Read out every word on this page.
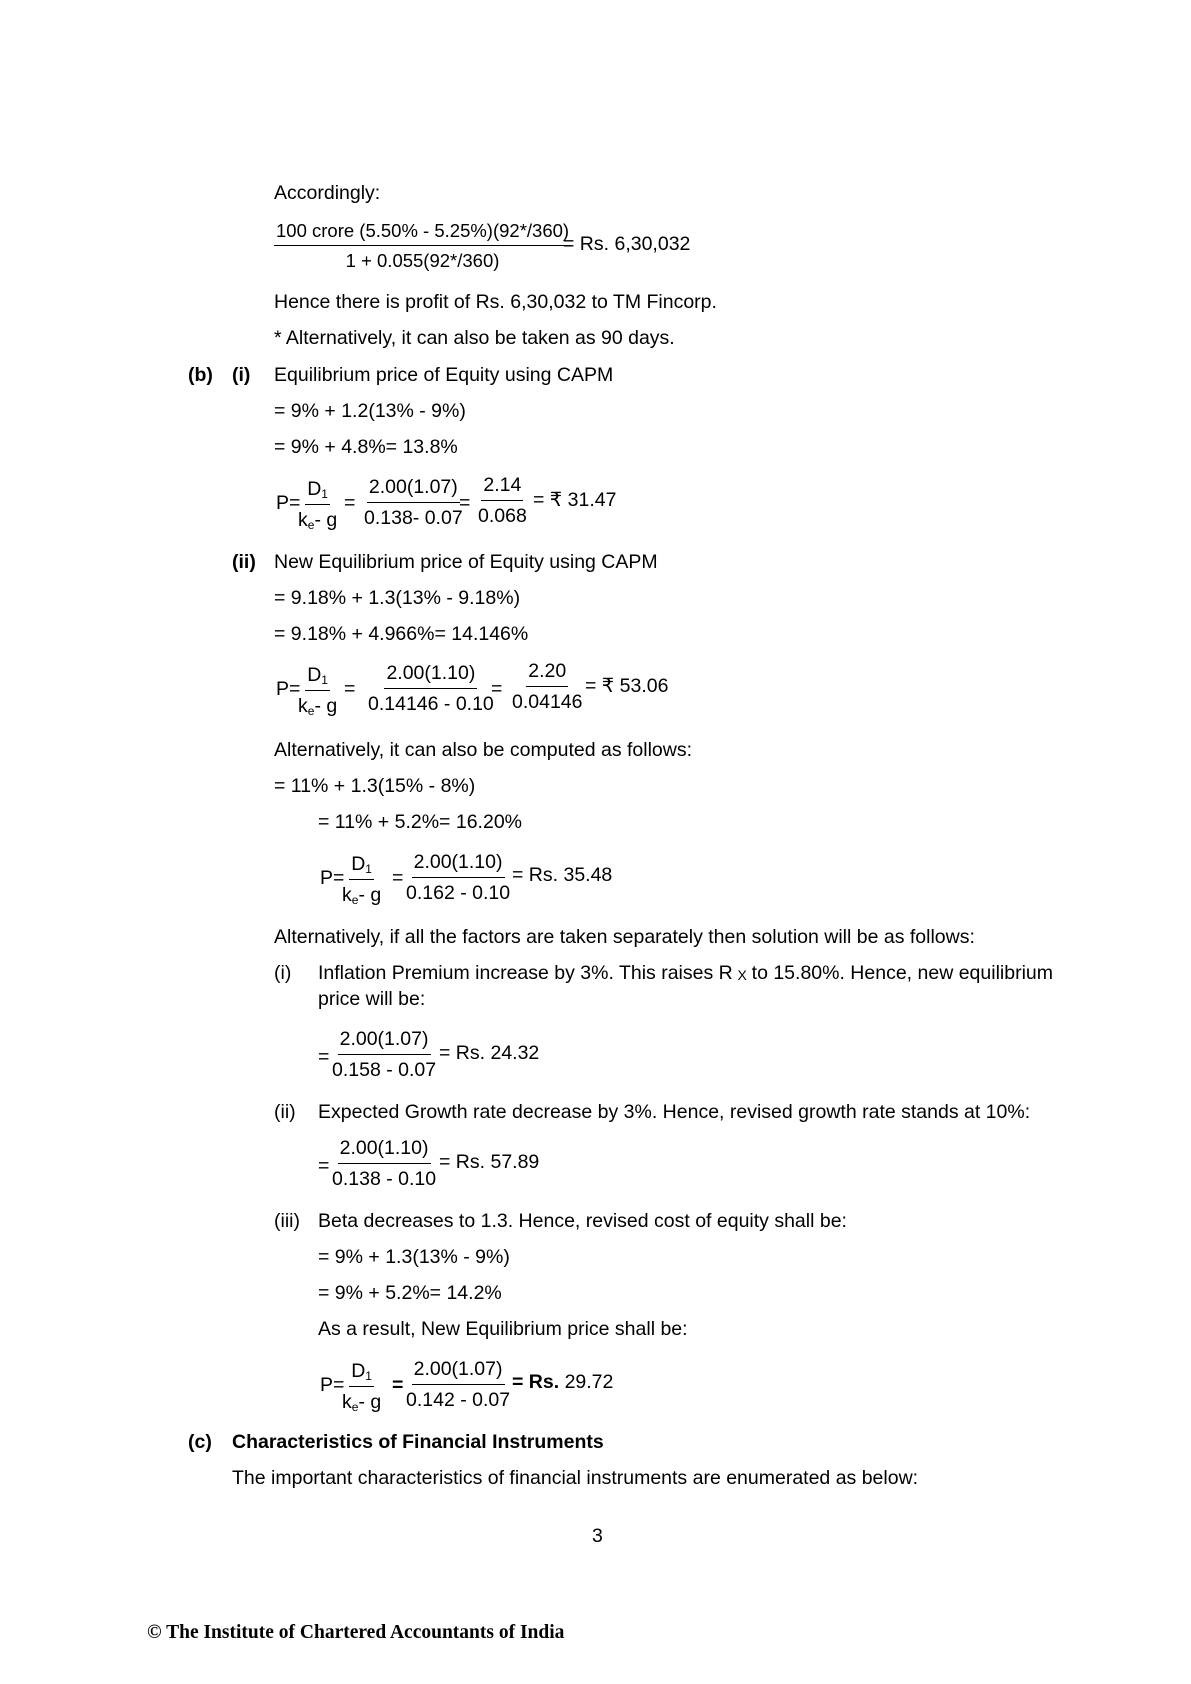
Accordingly:
100 crore (5.50% - 5.25%)(92*/360)
1 + 0.055(92*/360)
= Rs. 6,30,032
Hence there is profit of Rs. 6,30,032 to TM Fincorp.
* Alternatively, it can also be taken as 90 days.
(b) (i) Equilibrium price of Equity using CAPM
= 9% + 1.2(13% - 9%)
= 9% + 4.8%= 13.8%
P=
$\frac{D_1}{k_e- g} = \frac{2.00(1.07)}{0.138- 0.07}$
= $\frac{2.14}{0.068}$ = ₹ 31.47
(ii) New Equilibrium price of Equity using CAPM
= 9.18% + 1.3(13% - 9.18%)
= 9.18% + 4.966%= 14.146%
P=
$\frac{D_1}{k_e- g} = \frac{2.00(1.10)}{0.14146 - 0.10}$
= $\frac{2.20}{0.04146}$ = ₹ 53.06
Alternatively, it can also be computed as follows:
= 11% + 1.3(15% - 8%)
= 11% + 5.2%= 16.20%
P=
$\frac{D_1}{k_e- g} = \frac{2.00(1.10)}{0.162 - 0.10} = Rs$. 35.48
Alternatively, if all the factors are taken separately then solution will be as follows:
(i) Inflation Premium increase by 3%. This raises R $_X$ to 15.80%. Hence, new equilibrium
price will be:
= $\frac{2.00(1.07)}{0.158 - 0.07} = Rs$. 24.32
(ii) Expected Growth rate decrease by 3%. Hence, revised growth rate stands at 10%:
= $\frac{2.00(1.10)}{0.138 - 0.10} = Rs$. 57.89
(iii) Beta decreases to 1.3. Hence, revised cost of equity shall be:
= 9% + 1.3(13% - 9%)
= 9% + 5.2%= 14.2%
As a result, New Equilibrium price shall be:
P=
$\frac{D_1}{k_e- g} = \frac{2.00(1.07)}{0.142 - 0.07} = Rs$. 29.72
(c) Characteristics of Financial Instruments
The important characteristics of financial instruments are enumerated as below:
3
© The Institute of Chartered Accountants of India
